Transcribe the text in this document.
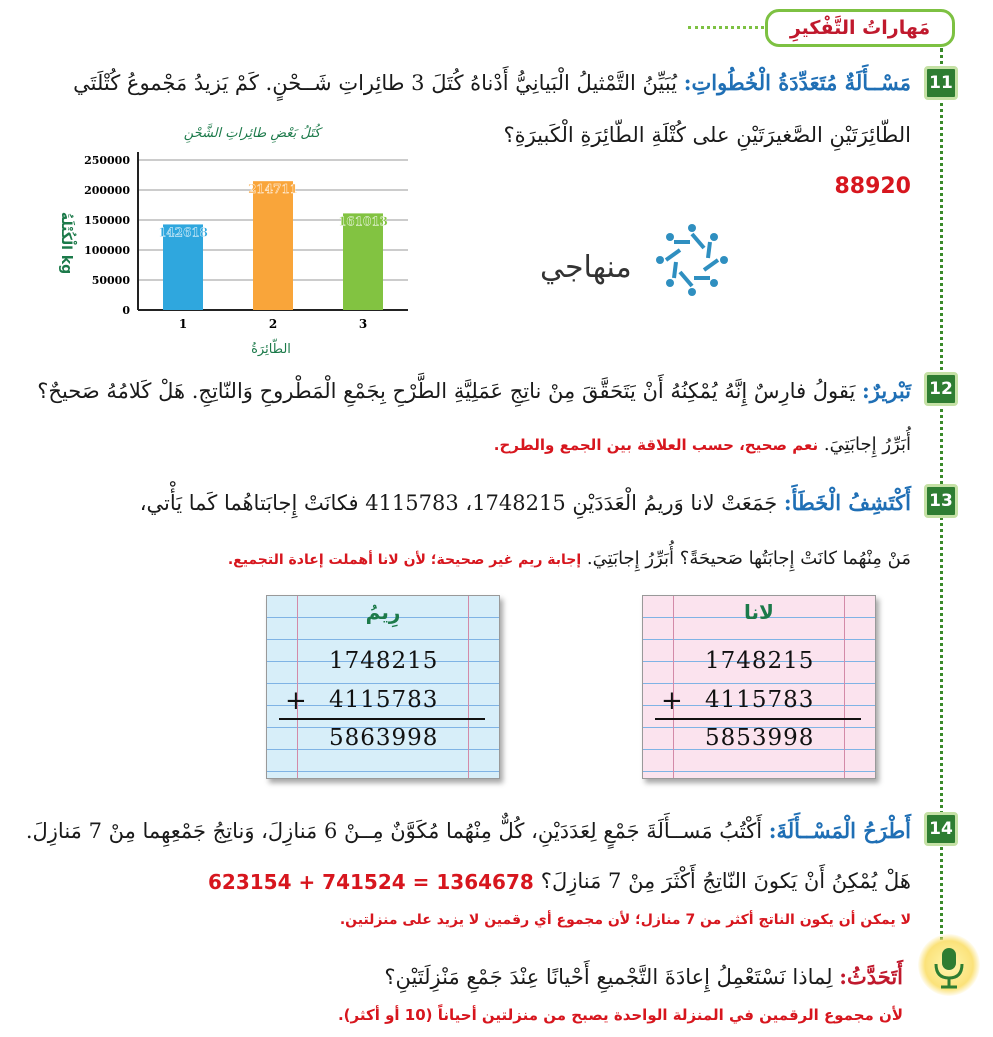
مَهاراتُ التَّفْكيرِ
11
مَسْــأَلَةٌ مُتَعَدِّدَةُ الْخُطُواتِ: يُبَيِّنُ التَّمْثيلُ الْبَيانِيُّ أَدْناهُ كُتَلَ 3 طائِراتِ شَــحْنٍ. كَمْ يَزيدُ مَجْموعُ كُتْلَتَي
الطّائِرَتَيْنِ الصَّغيرَتَيْنِ على كُتْلَةِ الطّائِرَةِ الْكَبيرَةِ؟
88920
كُتَلُ بَعْضِ طائِراتِ الشَّحْنِ
142618
214711
161013
0
50000
100000
150000
200000
250000
1	2	3
الْكُتْلَةُ kg
الطّائِرَةُ
منهاجي
12
تَبْريرٌ: يَقولُ فارِسٌ إِنَّهُ يُمْكِنُهُ أَنْ يَتَحَقَّقَ مِنْ ناتِجِ عَمَلِيَّةِ الطَّرْحِ بِجَمْعِ الْمَطْروحِ وَالنّاتِجِ. هَلْ كَلامُهُ صَحيحٌ؟
أُبَرِّرُ إِجابَتِيَ. نعم صحيح، حسب العلاقة بين الجمع والطرح.
13
أَكْتَشِفُ الْخَطَأَ: جَمَعَتْ لانا وَريمُ الْعَدَدَيْنِ 1748215، 4115783 فكانَتْ إِجابَتاهُما كَما يَأْتي،
مَنْ مِنْهُما كانَتْ إِجابَتُها صَحيحَةً؟ أُبَرِّرُ إِجابَتِيَ. إجابة ريم غير صحيحة؛ لأن لانا أهملت إعادة التجميع.
رِيمُ
1748215
+ 4115783
5863998
لانا
1748215
+ 4115783
5853998
14
أَطْرَحُ الْمَسْــأَلَةَ: أَكْتُبُ مَســأَلَةَ جَمْعٍ لِعَدَدَيْنِ، كُلٌّ مِنْهُما مُكَوَّنٌ مِــنْ 6 مَنازِلَ، وَناتِجُ جَمْعِهِما مِنْ 7 مَنازِلَ.
هَلْ يُمْكِنُ أَنْ يَكونَ النّاتِجُ أَكْثَرَ مِنْ 7 مَنازِلَ؟
623154 + 741524 = 1364678
لا يمكن أن يكون الناتج أكثر من 7 منازل؛ لأن مجموع أي رقمين لا يزيد على منزلتين.
أَتَحَدَّثُ: لِماذا نَسْتَعْمِلُ إِعادَةَ التَّجْميعِ أَحْيانًا عِنْدَ جَمْعِ مَنْزِلَتَيْنِ؟
لأن مجموع الرقمين في المنزلة الواحدة يصبح من منزلتين أحياناً (10 أو أكثر).
